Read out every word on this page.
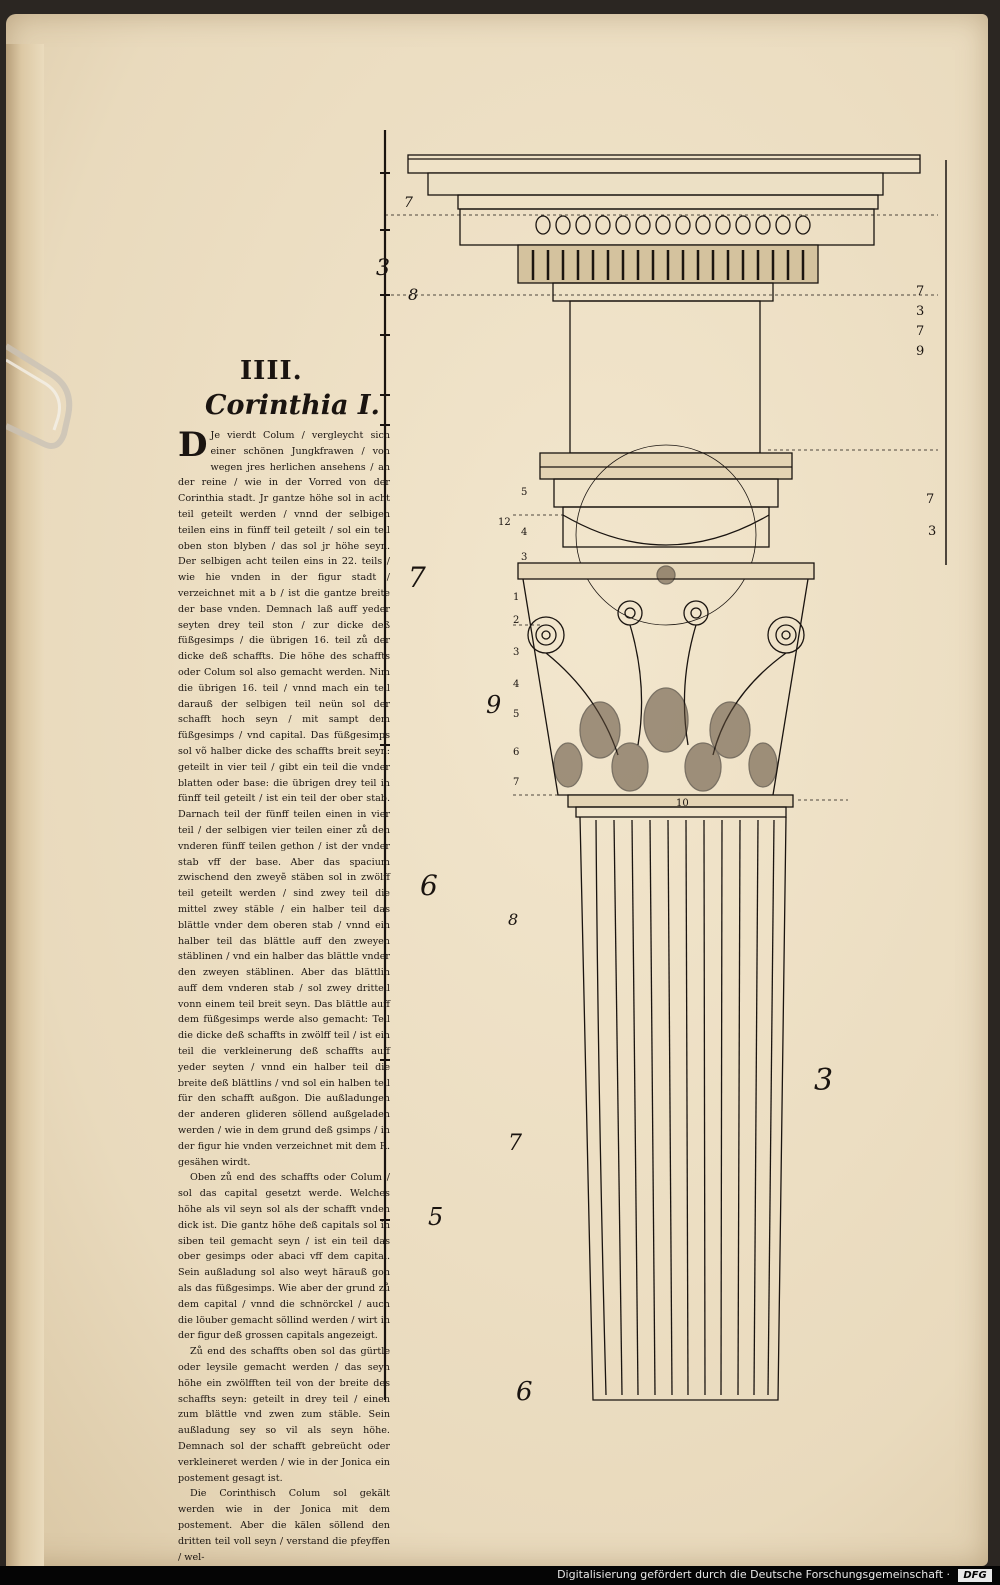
IIII.
Corinthia I.

D Je vierdt Colum / vergleycht sich einer schönen Jungkfrawen / von wegen jres herlichen ansehens / an der reine / wie in der Vorred von der Corinthia stadt. Jr gantze höhe sol in acht teil geteilt werden / vnnd der selbigen teilen eins in fünff teil geteilt / sol ein teil oben ston blyben / das sol jr höhe seyn. Der selbigen acht teilen eins in 22. teils / wie hie vnden in der figur stadt / verzeichnet mit a b / ist die gantze breite der base vnden. Demnach laß auff yeder seyten drey teil ston / zur dicke deß füßgesimps / die übrigen 16. teil zů der dicke deß schaffts. Die höhe des schaffts oder Colum sol also gemacht werden. Nim die übrigen 16. teil / vnnd mach ein teil darauß der selbigen teil neün sol der schafft hoch seyn / mit sampt dem füßgesimps / vnd capital. Das füßgesimps sol võ halber dicke des schaffts breit seyn: geteilt in vier teil / gibt ein teil die vnder blatten oder base: die übrigen drey teil in fünff teil geteilt / ist ein teil der ober stab. Darnach teil der fünff teilen einen in vier teil / der selbigen vier teilen einer zů den vnderen fünff teilen gethon / ist der vnder stab vff der base. Aber das spacium zwischend den zweyẽ stäben sol in zwölff teil geteilt werden / sind zwey teil die mittel zwey stäble / ein halber teil das blättle vnder dem oberen stab / vnnd ein halber teil das blättle auff den zweyen stäblinen / vnd ein halber das blättle vnder den zweyen stäblinen. Aber das blättlin auff dem vnderen stab / sol zwey dritteil vonn einem teil breit seyn. Das blättle auff dem füßgesimps werde also gemacht: Teil die dicke deß schaffts in zwölff teil / ist ein teil die verkleinerung deß schaffts auff yeder seyten / vnnd ein halber teil die breite deß blättlins / vnd sol ein halben teil für den schafft außgon. Die außladungen der anderen glideren söllend außgeladen werden / wie in dem grund deß gsimps / in der figur hie vnden verzeichnet mit dem R. gesähen wirdt.

Oben zů end des schaffts oder Colum / sol das capital gesetzt werde. Welches höhe als vil seyn sol als der schafft vnden dick ist. Die gantz höhe deß capitals sol in siben teil gemacht seyn / ist ein teil das ober gesimps oder abaci vff dem capital. Sein außladung sol also weyt härauß gon als das füßgesimps. Wie aber der grund zů dem capital / vnnd die schnörckel / auch die löuber gemacht söllind werden / wirt in der figur deß grossen capitals angezeigt.

Zů end des schaffts oben sol das gürtle oder leysile gemacht werden / das seyn höhe ein zwölfften teil von der breite des schaffts seyn: geteilt in drey teil / einen zum blättle vnd zwen zum stäble. Sein außladung sey so vil als seyn höhe. Demnach sol der schafft gebreücht oder verkleineret werden / wie in der Jonica ein postement gesagt ist.

Die Corinthisch Colum sol gekält werden wie in der Jonica mit dem postement. Aber die kälen söllend den dritten teil voll seyn / verstand die pfeyffen / wel-

7
3
8
7
9
6
8
3
7
5
6
7
3
7
9
7
3
1
2
3
4
5
6
7
12
5
4
3
10
Digitalisierung gefördert durch die Deutsche Forschungsgemeinschaft ·	DFG
